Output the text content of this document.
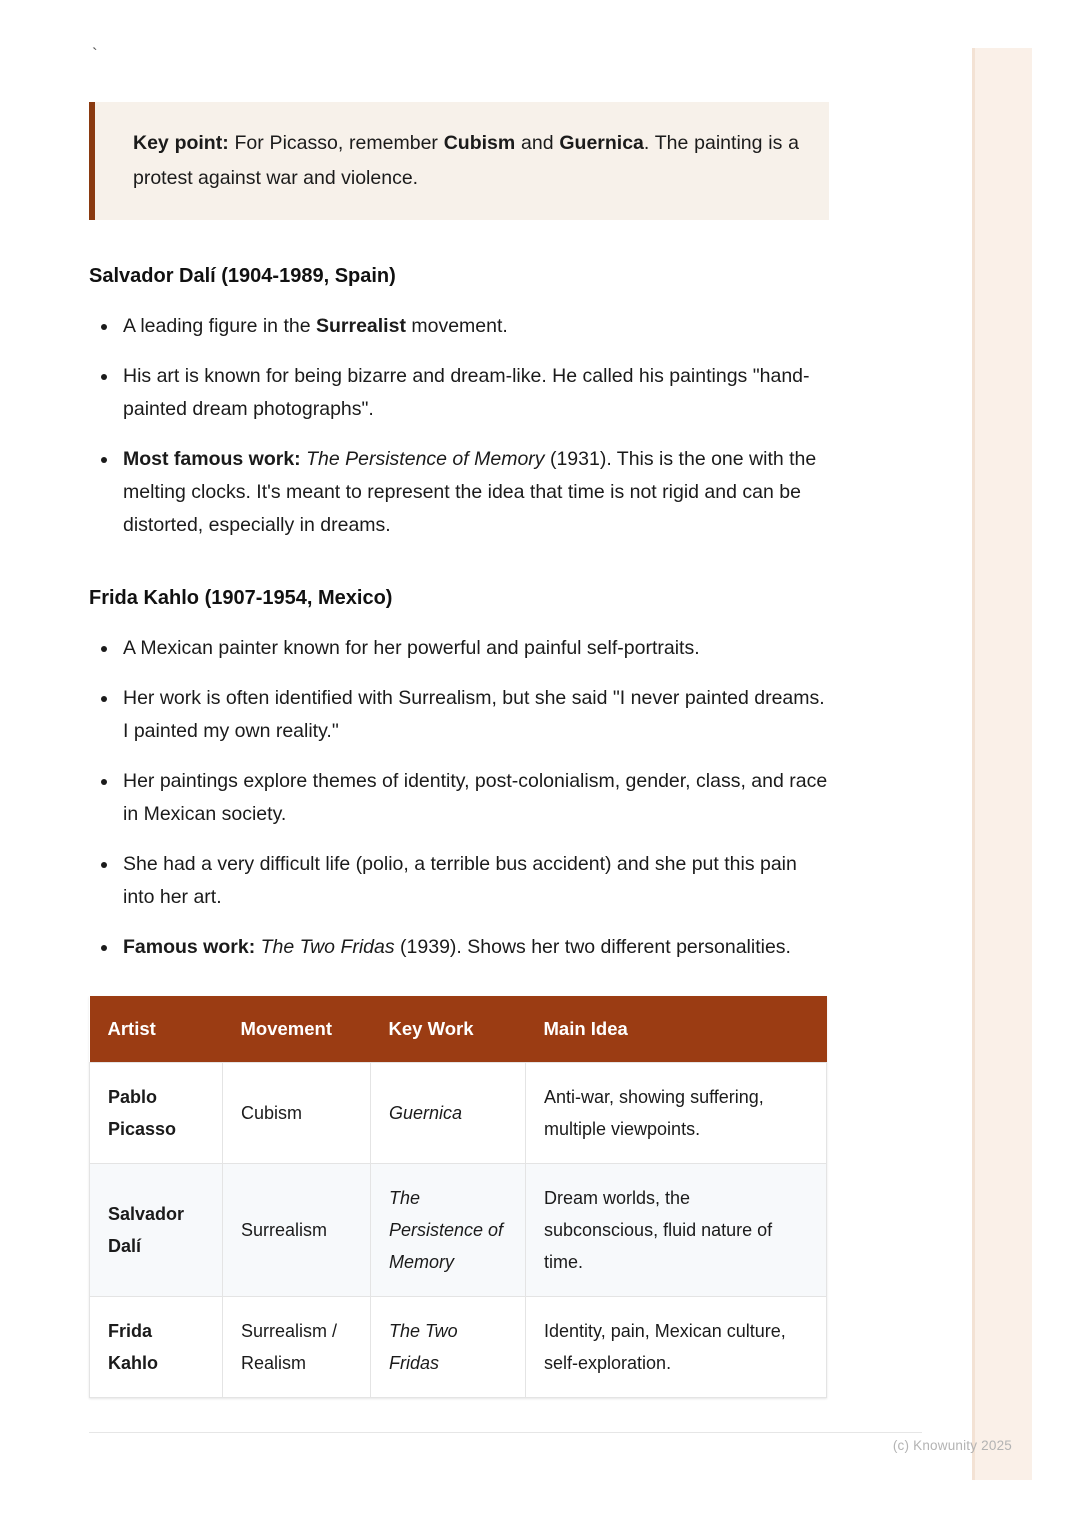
`

Key point: For Picasso, remember Cubism and Guernica. The painting is a protest against war and violence.

Salvador Dalí (1904-1989, Spain)
A leading figure in the Surrealist movement.
His art is known for being bizarre and dream-like. He called his paintings "hand-painted dream photographs".
Most famous work: The Persistence of Memory (1931). This is the one with the melting clocks. It's meant to represent the idea that time is not rigid and can be distorted, especially in dreams.
Frida Kahlo (1907-1954, Mexico)
A Mexican painter known for her powerful and painful self-portraits.
Her work is often identified with Surrealism, but she said "I never painted dreams. I painted my own reality."
Her paintings explore themes of identity, post-colonialism, gender, class, and race in Mexican society.
She had a very difficult life (polio, a terrible bus accident) and she put this pain into her art.
Famous work: The Two Fridas (1939). Shows her two different personalities.
Artist	Movement	Key Work	Main Idea
Pablo Picasso	Cubism	Guernica	Anti-war, showing suffering, multiple viewpoints.
Salvador Dalí	Surrealism	The Persistence of Memory	Dream worlds, the subconscious, fluid nature of time.
Frida Kahlo	Surrealism / Realism	The Two Fridas	Identity, pain, Mexican culture, self-exploration.
(c) Knowunity 2025
